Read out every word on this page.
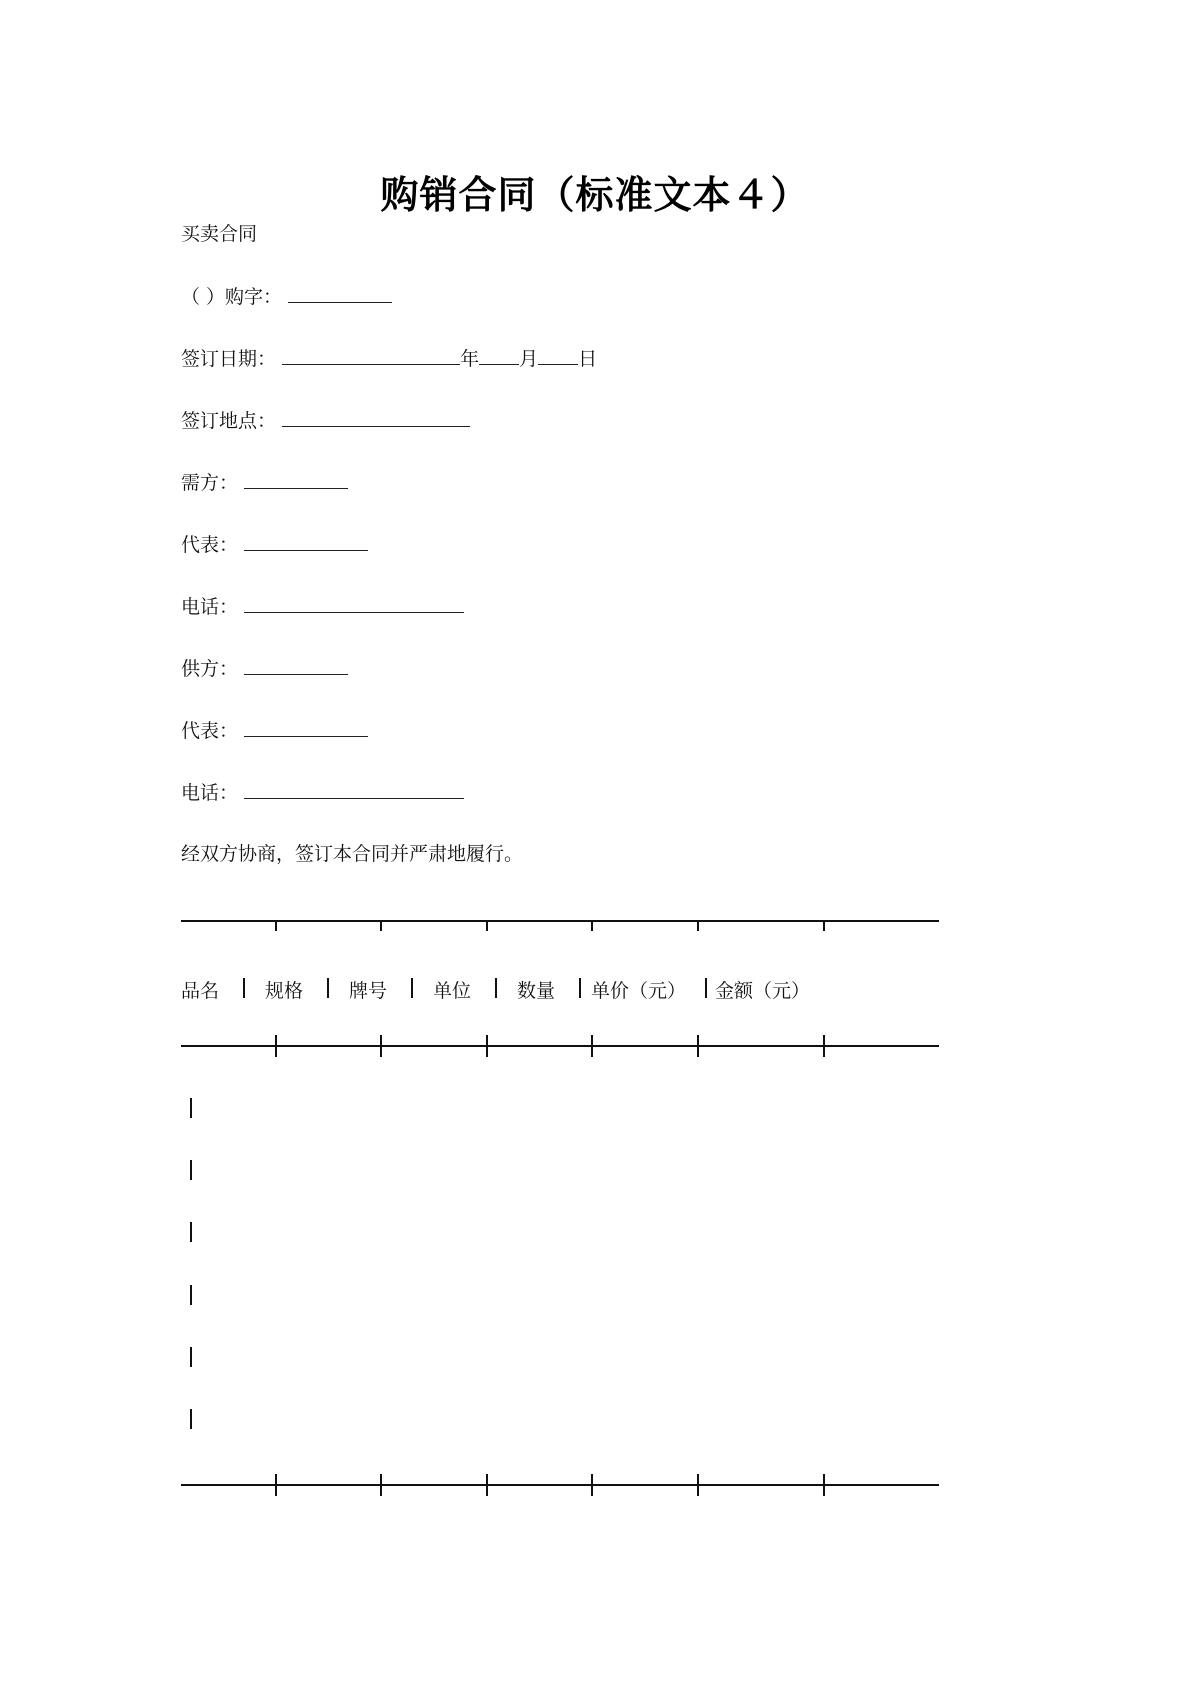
购销合同（标准文本４）
买卖合同
（ ）购字：
签订日期：	年 月 日
签订地点：
需方：
代表：
电话：
供方：
代表：
电话：
经双方协商，签订本合同并严肃地履行。
品名 规格 牌号 单位 数量 单价（元） 金额（元）
